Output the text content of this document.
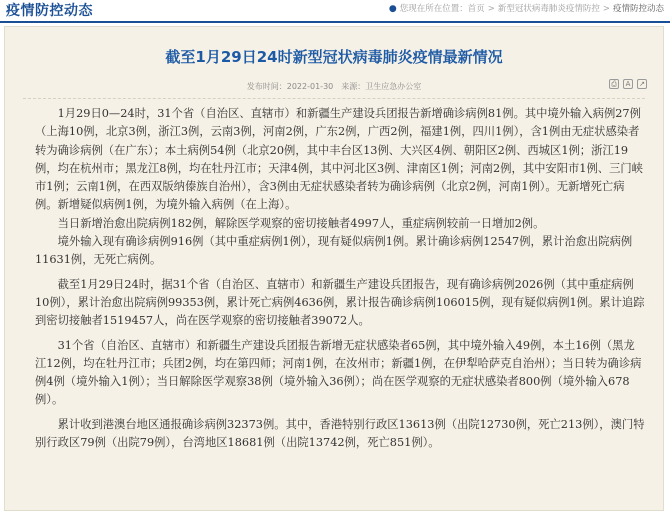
疫情防控动态	● 您现在所在位置：首页 > 新型冠状病毒肺炎疫情防控 > 疫情防控动态
截至1月29日24时新型冠状病毒肺炎疫情最新情况
发布时间：2022-01-30 来源：卫生应急办公室	⎙	A	↗

1月29日0—24时，31个省（自治区、直辖市）和新疆生产建设兵团报告新增确诊病例81例。其中境外输入病例27例（上海10例，北京3例，浙江3例，云南3例，河南2例，广东2例，广西2例，福建1例，四川1例），含1例由无症状感染者转为确诊病例（在广东）；本土病例54例（北京20例，其中丰台区13例、大兴区4例、朝阳区2例、西城区1例；浙江19例，均在杭州市；黑龙江8例，均在牡丹江市；天津4例，其中河北区3例、津南区1例；河南2例，其中安阳市1例、三门峡市1例；云南1例，在西双版纳傣族自治州），含3例由无症状感染者转为确诊病例（北京2例，河南1例）。无新增死亡病例。新增疑似病例1例，为境外输入病例（在上海）。

当日新增治愈出院病例182例，解除医学观察的密切接触者4997人，重症病例较前一日增加2例。

境外输入现有确诊病例916例（其中重症病例1例），现有疑似病例1例。累计确诊病例12547例，累计治愈出院病例11631例，无死亡病例。

截至1月29日24时，据31个省（自治区、直辖市）和新疆生产建设兵团报告，现有确诊病例2026例（其中重症病例10例），累计治愈出院病例99353例，累计死亡病例4636例，累计报告确诊病例106015例，现有疑似病例1例。累计追踪到密切接触者1519457人，尚在医学观察的密切接触者39072人。

31个省（自治区、直辖市）和新疆生产建设兵团报告新增无症状感染者65例，其中境外输入49例，本土16例（黑龙江12例，均在牡丹江市；兵团2例，均在第四师；河南1例，在汝州市；新疆1例，在伊犁哈萨克自治州）；当日转为确诊病例4例（境外输入1例）；当日解除医学观察38例（境外输入36例）；尚在医学观察的无症状感染者800例（境外输入678例）。

累计收到港澳台地区通报确诊病例32373例。其中，香港特别行政区13613例（出院12730例，死亡213例），澳门特别行政区79例（出院79例），台湾地区18681例（出院13742例，死亡851例）。
